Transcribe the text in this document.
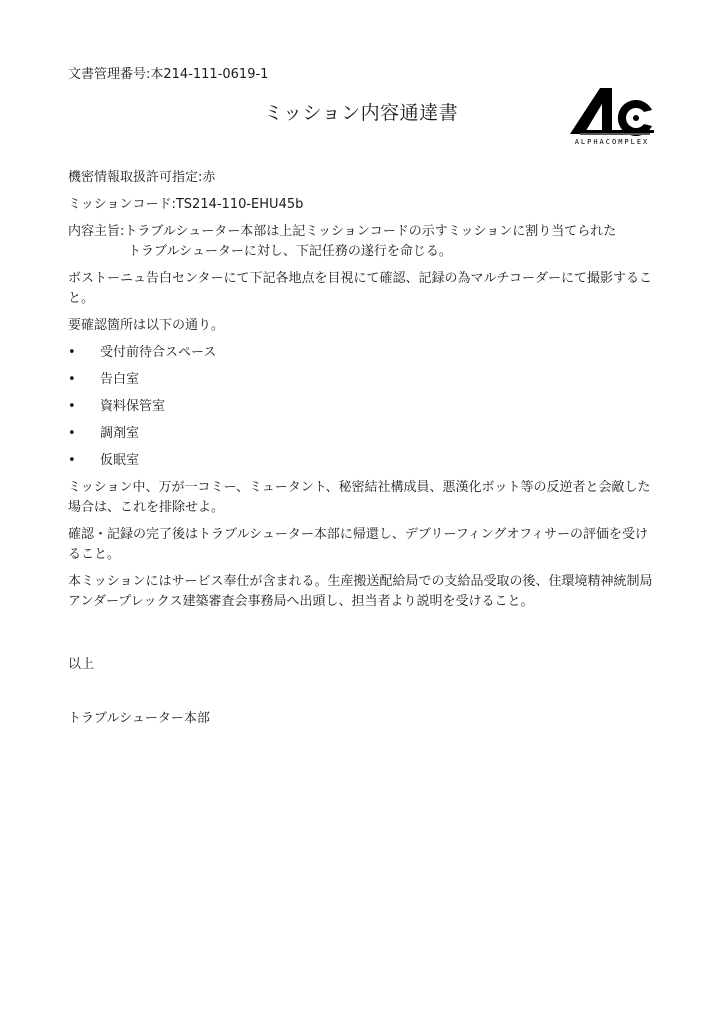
文書管理番号:本214-111-0619-1
ミッション内容通達書
ALPHACOMPLEX
機密情報取扱許可指定:赤
ミッションコード:TS214-110-EHU45b
内容主旨:トラブルシューター本部は上記ミッションコードの示すミッションに割り当てられた
トラブルシューターに対し、下記任務の遂行を命じる。
ボストーニュ告白センターにて下記各地点を目視にて確認、記録の為マルチコーダーにて撮影すること。
要確認箇所は以下の通り。
• 受付前待合スペース
• 告白室
• 資料保管室
• 調剤室
• 仮眠室
ミッション中、万が一コミー、ミュータント、秘密結社構成員、悪漢化ボット等の反逆者と会敵した場合は、これを排除せよ。
確認・記録の完了後はトラブルシューター本部に帰還し、デブリーフィングオフィサーの評価を受けること。
本ミッションにはサービス奉仕が含まれる。生産搬送配給局での支給品受取の後、住環境精神統制局 アンダープレックス建築審査会事務局へ出頭し、担当者より説明を受けること。
以上
トラブルシューター本部
